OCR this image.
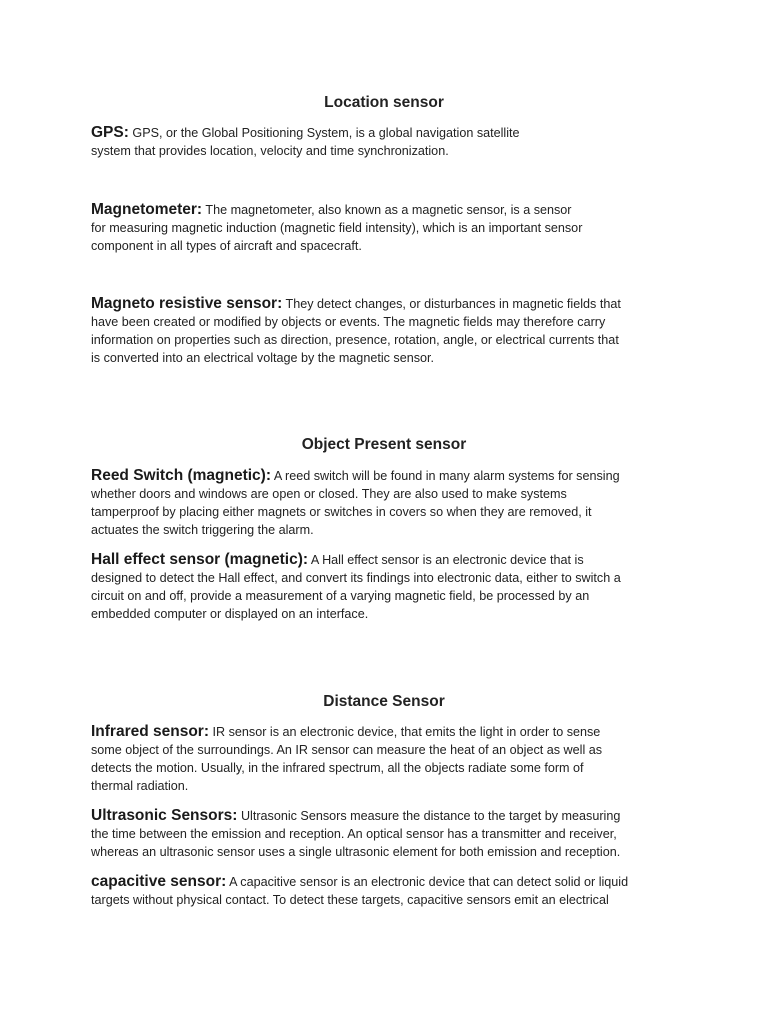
Location sensor

GPS: GPS, or the Global Positioning System, is a global navigation satellite
system that provides location, velocity and time synchronization.

Magnetometer: The magnetometer, also known as a magnetic sensor, is a sensor
for measuring magnetic induction (magnetic field intensity), which is an important sensor
component in all types of aircraft and spacecraft.

Magneto resistive sensor: They detect changes, or disturbances in magnetic fields that
have been created or modified by objects or events. The magnetic fields may therefore carry
information on properties such as direction, presence, rotation, angle, or electrical currents that
is converted into an electrical voltage by the magnetic sensor.

Object Present sensor

Reed Switch (magnetic): A reed switch will be found in many alarm systems for sensing
whether doors and windows are open or closed. They are also used to make systems
tamperproof by placing either magnets or switches in covers so when they are removed, it
actuates the switch triggering the alarm.

Hall effect sensor (magnetic): A Hall effect sensor is an electronic device that is
designed to detect the Hall effect, and convert its findings into electronic data, either to switch a
circuit on and off, provide a measurement of a varying magnetic field, be processed by an
embedded computer or displayed on an interface.

Distance Sensor

Infrared sensor: IR sensor is an electronic device, that emits the light in order to sense
some object of the surroundings. An IR sensor can measure the heat of an object as well as
detects the motion. Usually, in the infrared spectrum, all the objects radiate some form of
thermal radiation.

Ultrasonic Sensors: Ultrasonic Sensors measure the distance to the target by measuring
the time between the emission and reception. An optical sensor has a transmitter and receiver,
whereas an ultrasonic sensor uses a single ultrasonic element for both emission and reception.

capacitive sensor: A capacitive sensor is an electronic device that can detect solid or liquid
targets without physical contact. To detect these targets, capacitive sensors emit an electrical
